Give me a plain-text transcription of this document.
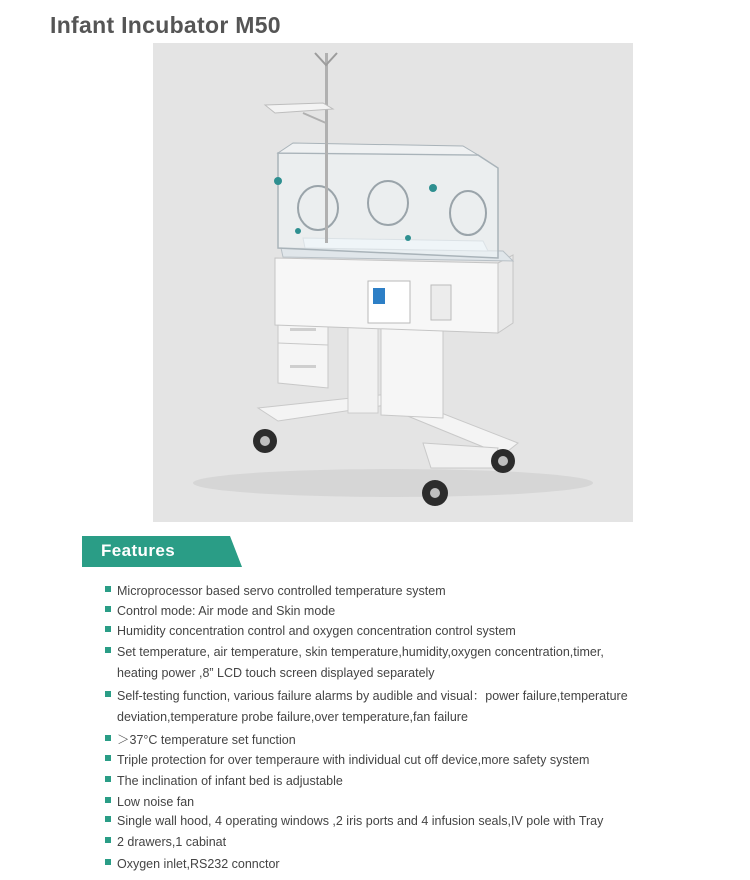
Infant Incubator M50
Features
Microprocessor based servo controlled temperature system
Control mode: Air mode and Skin mode
Humidity concentration control and oxygen concentration control system
Set temperature, air temperature, skin temperature,humidity,oxygen concentration,timer,
heating power ,8” LCD touch screen displayed separately
Self-testing function, various failure alarms by audible and visual：power failure,temperature
deviation,temperature probe failure,over temperature,fan failure
＞37°C temperature set function
Triple protection for over temperaure with individual cut off device,more safety system
The inclination of infant bed is adjustable
Low noise fan
Single wall hood, 4 operating windows ,2 iris ports and 4 infusion seals,IV pole with Tray
2 drawers,1 cabinat
Oxygen inlet,RS232 connctor
